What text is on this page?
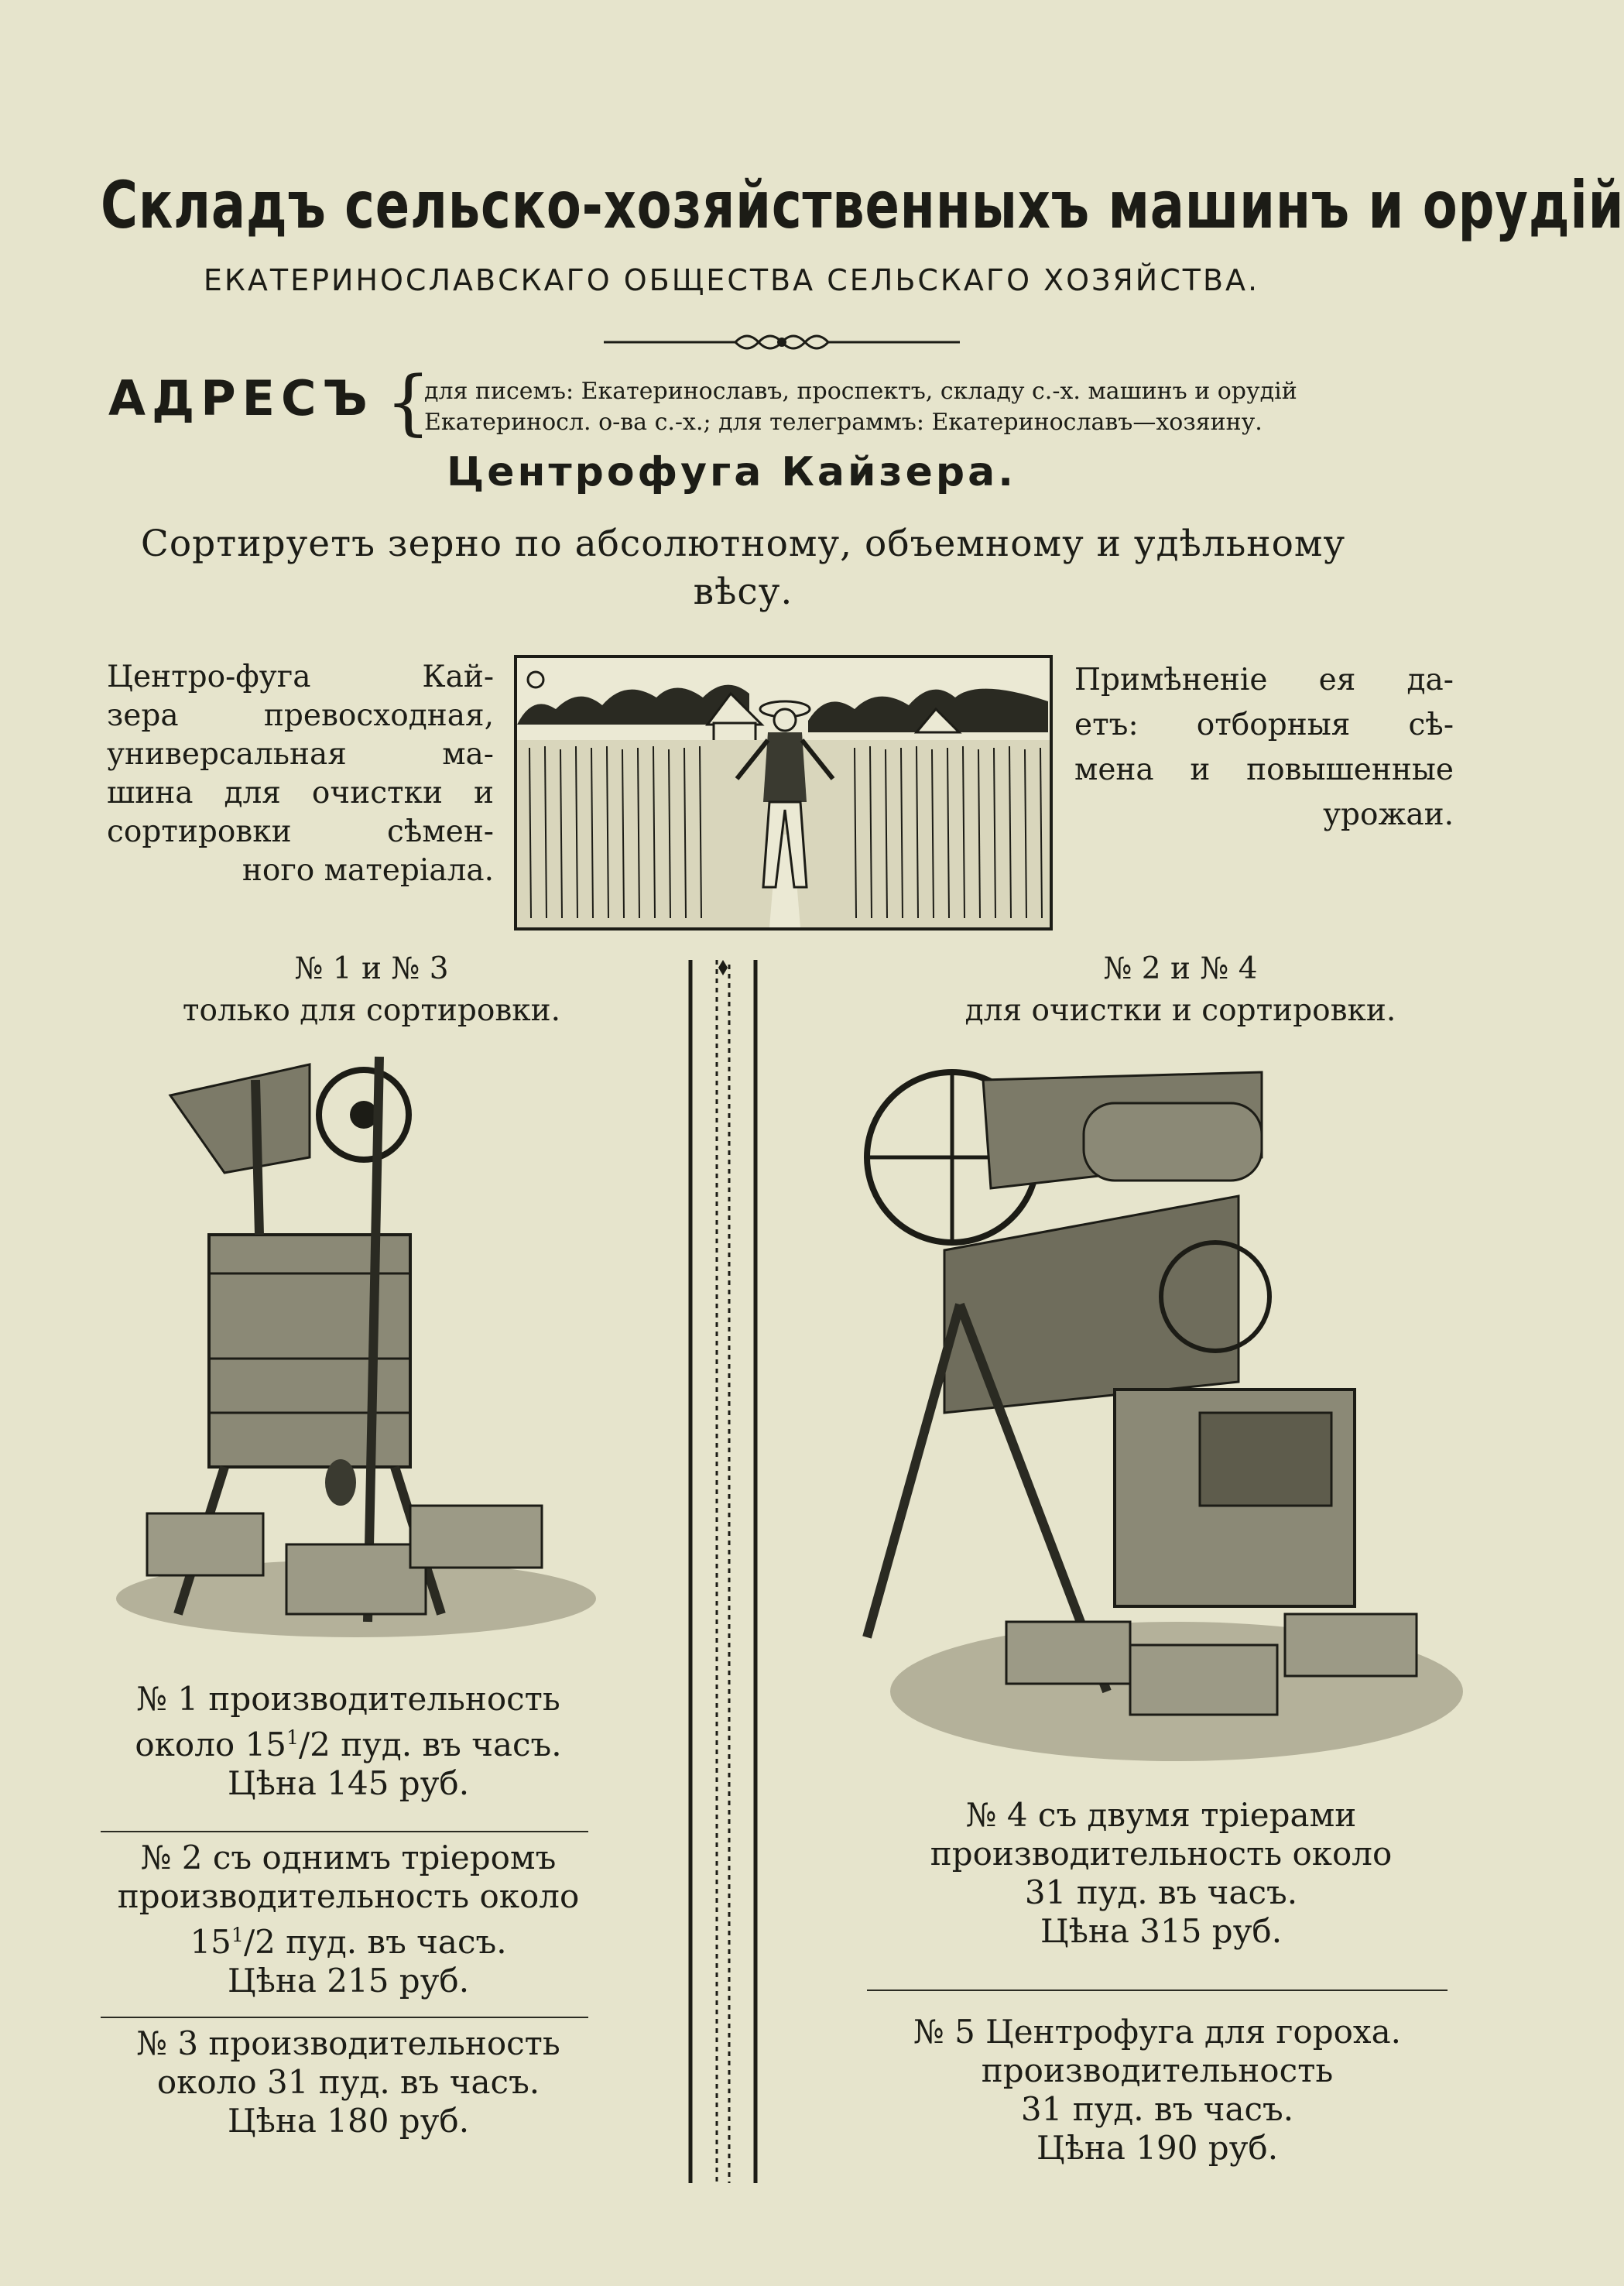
Складъ сельско-хозяйственныхъ машинъ и орудій
ЕКАТЕРИНОСЛАВСКАГО ОБЩЕСТВА СЕЛЬСКАГО ХОЗЯЙСТВА.
АДРЕСЪ {
для писемъ: Екатеринославъ, проспектъ, складу с.-х. машинъ и орудій
Екатериносл. о-ва с.-х.; для телеграммъ: Екатеринославъ—хозяину.
Центрофуга Кайзера.
Сортируетъ зерно по абсолютному, объемному и удѣльному вѣсу.
Центро-фуга Кай-
зера превосходная,
универсальная ма-
шина для очистки и
сортировки сѣмен-
ного матеріала.
Примѣненіе ея да-
етъ: отборныя сѣ-
мена и повышенные
урожаи.
№ 1 и № 3
только для сортировки.
№ 2 и № 4
для очистки и сортировки.
№ 1 производительность
около $15^1/2$ пуд. въ часъ.
Цѣна 145 руб.
№ 2 съ однимъ тріеромъ
производительность около
$15^1/2$ пуд. въ часъ.
Цѣна 215 руб.
№ 3 производительность
около 31 пуд. въ часъ.
Цѣна 180 руб.
№ 4 съ двумя тріерами
производительность около
31 пуд. въ часъ.
Цѣна 315 руб.
№ 5 Центрофуга для гороха.
производительность
31 пуд. въ часъ.
Цѣна 190 руб.
